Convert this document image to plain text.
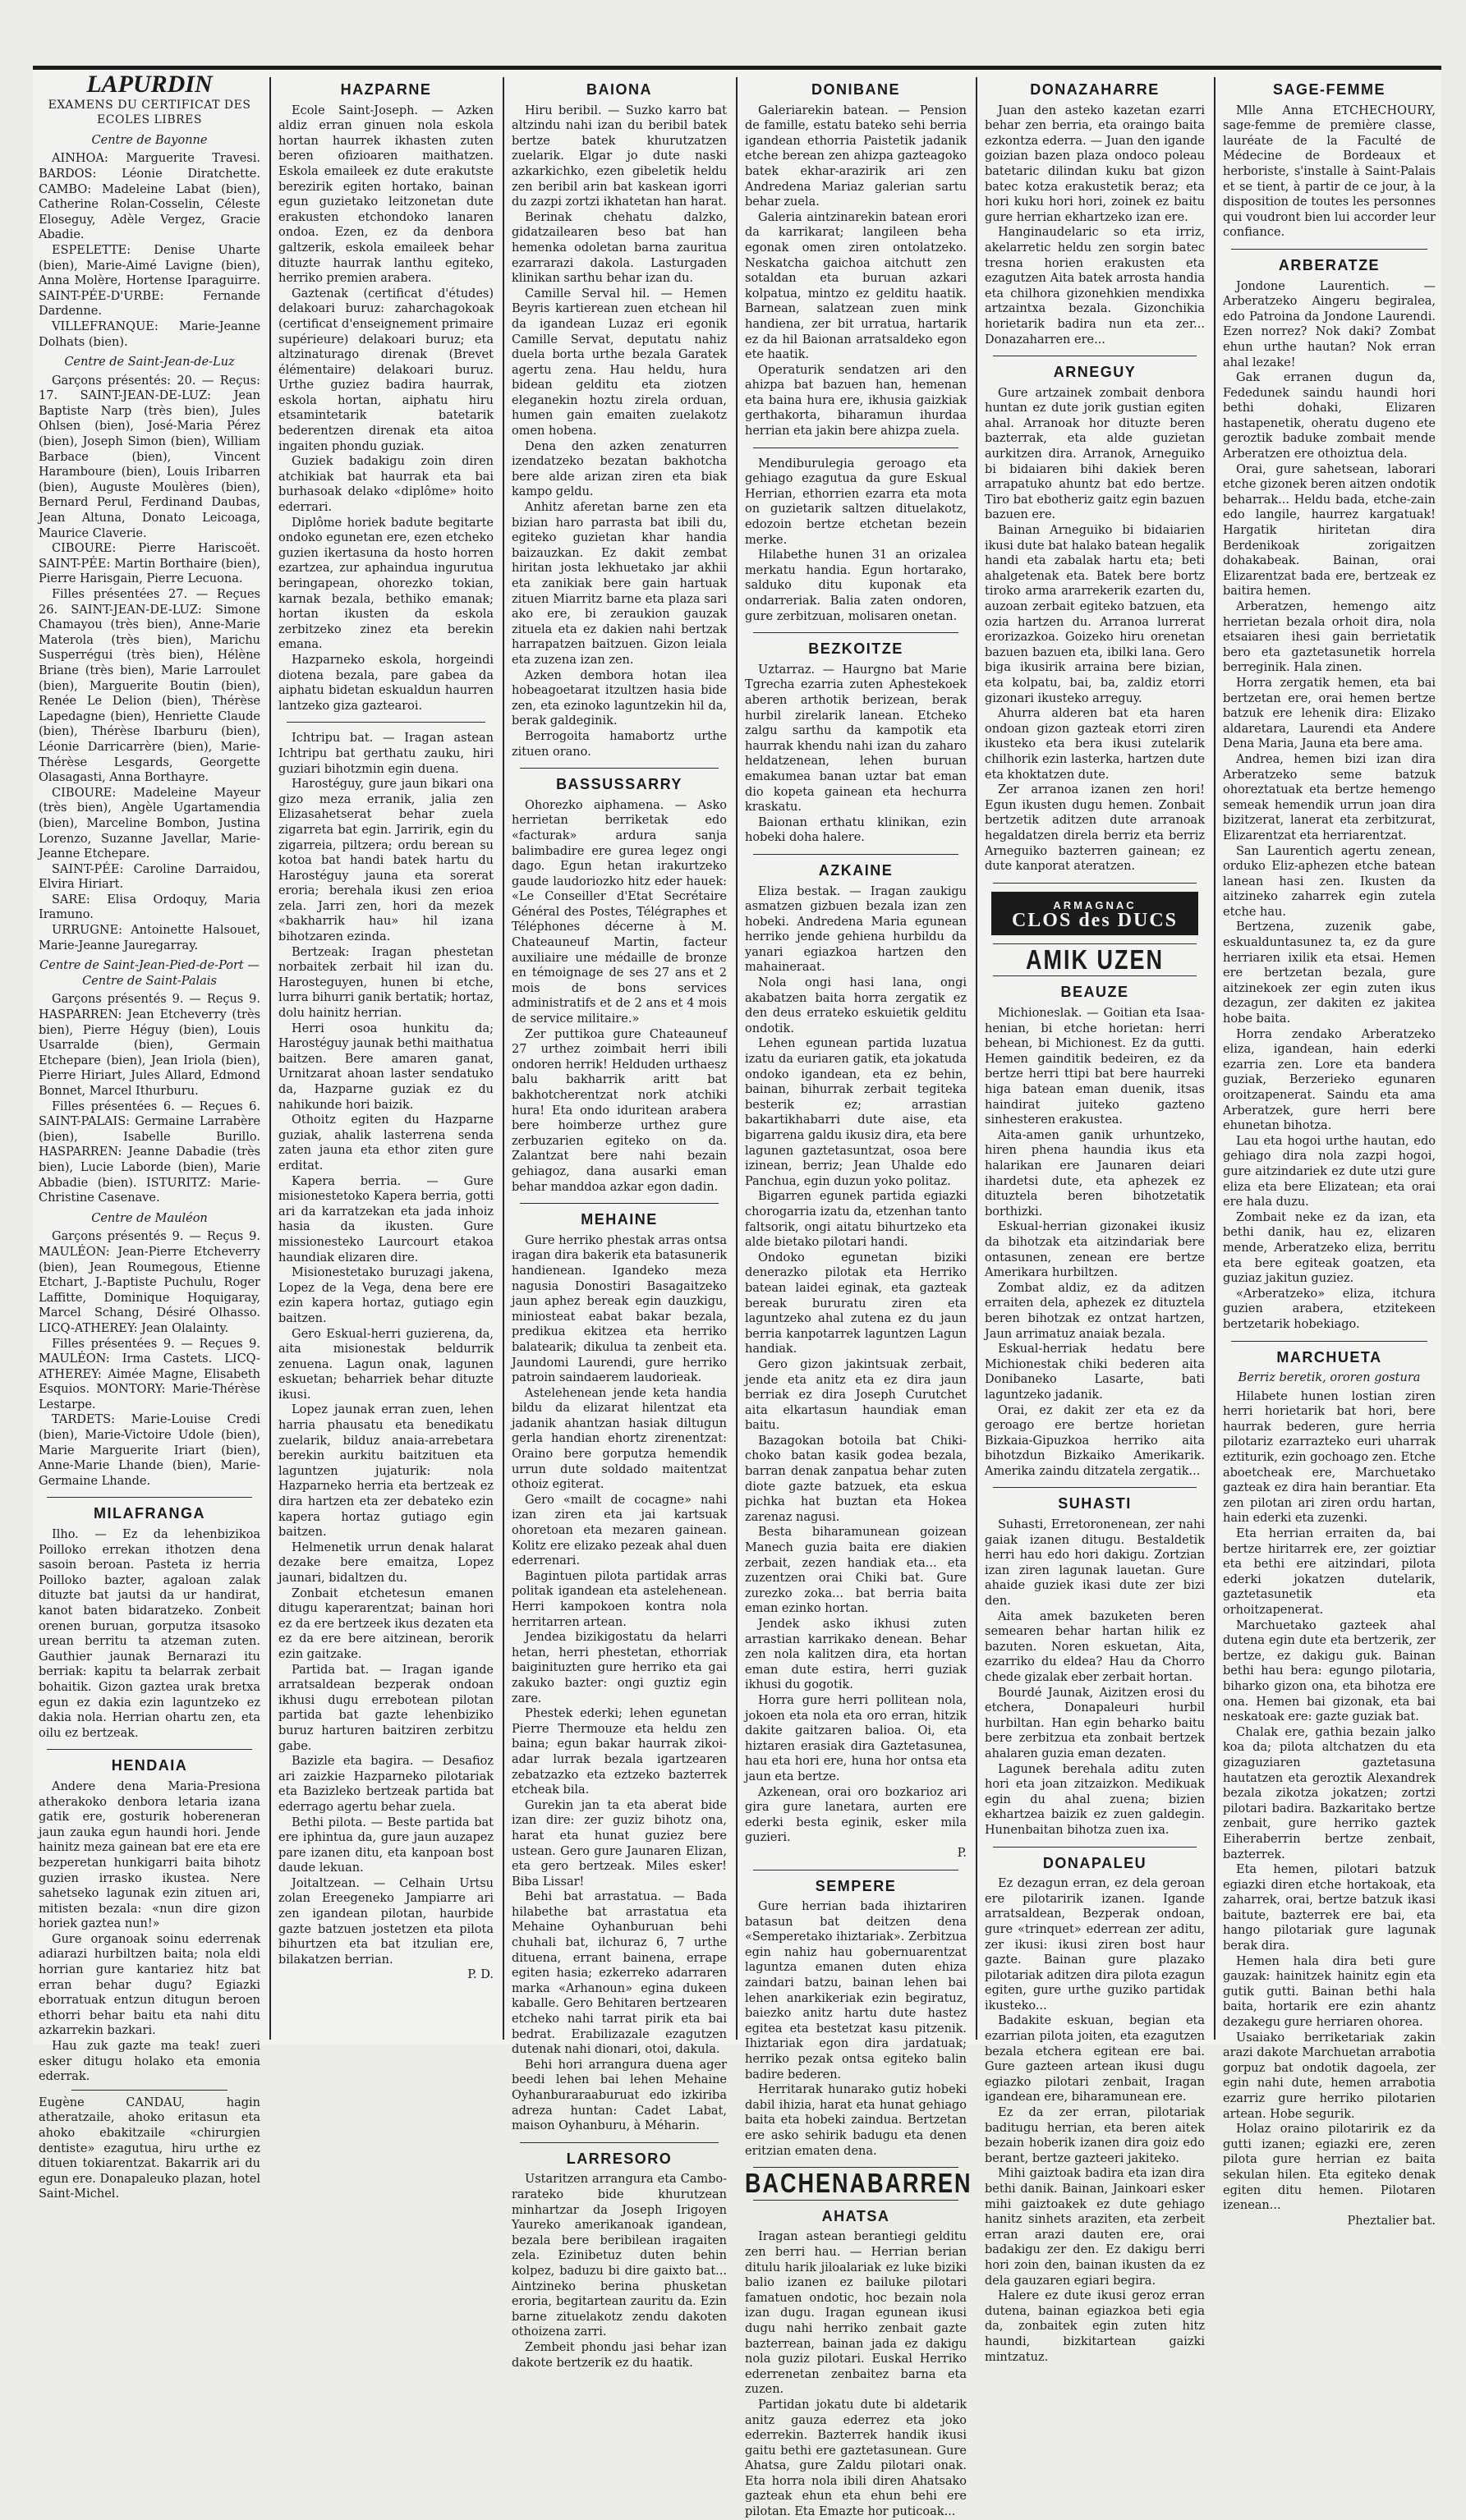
LAPURDIN
EXAMENS DU CERTIFICAT DES ECOLES LIBRES

Centre de Bayonne

AINHOA: Marguerite Travesi. BARDOS: Léonie Diratchette. CAMBO: Madeleine Labat (bien), Catherine Rolan-Cosselin, Céleste Eloseguy, Adèle Vergez, Gracie Abadie.

ESPELETTE: Denise Uharte (bien), Marie-Aimé Lavigne (bien), Anna Molère, Hortense Iparaguirre. SAINT-PÉE-D'URBE: Fernande Dardenne.

VILLEFRANQUE: Marie-Jeanne Dolhats (bien).

Centre de Saint-Jean-de-Luz

Garçons présentés: 20. — Reçus: 17. SAINT-JEAN-DE-LUZ: Jean Baptiste Narp (très bien), Jules Ohlsen (bien), José-Maria Pérez (bien), Joseph Simon (bien), William Barbace (bien), Vincent Haramboure (bien), Louis Iribarren (bien), Auguste Moulères (bien), Bernard Perul, Ferdinand Daubas, Jean Altuna, Donato Leicoaga, Maurice Claverie.

CIBOURE: Pierre Hariscoët. SAINT-PÉE: Martin Borthaire (bien), Pierre Harisgain, Pierre Lecuona.

Filles présentées 27. — Reçues 26. SAINT-JEAN-DE-LUZ: Simone Chamayou (très bien), Anne-Marie Materola (très bien), Marichu Susperrégui (très bien), Hélène Briane (très bien), Marie Larroulet (bien), Marguerite Boutin (bien), Renée Le Delion (bien), Thérèse Lapedagne (bien), Henriette Claude (bien), Thérèse Ibarburu (bien), Léonie Darricarrère (bien), Marie-Thérèse Lesgards, Georgette Olasagasti, Anna Borthayre.

CIBOURE: Madeleine Mayeur (très bien), Angèle Ugartamendia (bien), Marceline Bombon, Justina Lorenzo, Suzanne Javellar, Marie-Jeanne Etchepare.

SAINT-PÉE: Caroline Darraidou, Elvira Hiriart.

SARE: Elisa Ordoquy, Maria Iramuno.

URRUGNE: Antoinette Halsouet, Marie-Jeanne Jauregarray.

Centre de Saint-Jean-Pied-de-Port — Centre de Saint-Palais

Garçons présentés 9. — Reçus 9. HASPARREN: Jean Etcheverry (très bien), Pierre Héguy (bien), Louis Usarralde (bien), Germain Etchepare (bien), Jean Iriola (bien), Pierre Hiriart, Jules Allard, Edmond Bonnet, Marcel Ithurburu.

Filles présentées 6. — Reçues 6. SAINT-PALAIS: Germaine Larrabère (bien), Isabelle Burillo. HASPARREN: Jeanne Dabadie (très bien), Lucie Laborde (bien), Marie Abbadie (bien). ISTURITZ: Marie-Christine Casenave.

Centre de Mauléon

Garçons présentés 9. — Reçus 9. MAULÉON: Jean-Pierre Etcheverry (bien), Jean Roumegous, Etienne Etchart, J.-Baptiste Puchulu, Roger Laffitte, Dominique Hoquigaray, Marcel Schang, Désiré Olhasso. LICQ-ATHEREY: Jean Olalainty.

Filles présentées 9. — Reçues 9. MAULÉON: Irma Castets. LICQ-ATHEREY: Aimée Magne, Elisabeth Esquios. MONTORY: Marie-Thérèse Lestarpe.

TARDETS: Marie-Louise Credi (bien), Marie-Victoire Udole (bien), Marie Marguerite Iriart (bien), Anne-Marie Lhande (bien), Marie-Germaine Lhande.

MILAFRANGA

Ilho. — Ez da lehenbizikoa Poilloko errekan ithotzen dena sasoin beroan. Pasteta iz herria Poilloko bazter, agaloan zalak dituzte bat jautsi da ur handirat, kanot baten bidaratzeko. Zonbeit orenen buruan, gorputza itsasoko urean berritu ta atzeman zuten. Gauthier jaunak Bernarazi itu berriak: kapitu ta belarrak zerbait bohaitik. Gizon gaztea urak bretxa egun ez dakia ezin laguntzeko ez dakia nola. Herrian ohartu zen, eta oilu ez bertzeak.

HENDAIA

Andere dena Maria-Presiona atherakoko denbora letaria izana gatik ere, gosturik hobereneran jaun zauka egun haundi hori. Jende hainitz meza gainean bat ere eta ere bezperetan hunkigarri baita bihotz guzien irrasko ikustea. Nere sahetseko lagunak ezin zituen ari, mitisten bezala: «nun dire gizon horiek gaztea nun!»

Gure organoak soinu ederrenak adiarazi hurbiltzen baita; nola eldi horrian gure kantariez hitz bat erran behar dugu? Egiazki eborratuak entzun ditugun beroen ethorri behar baitu eta nahi ditu azkarrekin bazkari.

Hau zuk gazte ma teak! zueri esker ditugu holako eta emonia ederrak.

Eugène CANDAU, hagin atheratzaile, ahoko eritasun eta ahoko ebakitzaile «chirurgien dentiste» ezagutua, hiru urthe ez dituen tokiarentzat. Bakarrik ari du egun ere. Donapaleuko plazan, hotel Saint-Michel.

HAZPARNE

Ecole Saint-Joseph. — Azken aldiz erran ginuen nola eskola hortan haurrek ikhasten zuten beren ofizioaren maithatzen. Eskola emaileek ez dute erakutste berezirik egiten hortako, bainan egun guzietako leitzonetan dute erakusten etchondoko lanaren ondoa. Ezen, ez da denbora galtzerik, eskola emaileek behar dituzte haurrak lanthu egiteko, herriko premien arabera.

Gaztenak (certificat d'études) delakoari buruz: zaharchagokoak (certificat d'enseignement primaire supérieure) delakoari buruz; eta altzinaturago direnak (Brevet élémentaire) delakoari buruz. Urthe guziez badira haurrak, eskola hortan, aiphatu hiru etsamintetarik batetarik bederentzen direnak eta aitoa ingaiten phondu guziak.

Guziek badakigu zoin diren atchikiak bat haurrak eta bai burhasoak delako «diplôme» hoito ederrari.

Diplôme horiek badute begitarte ondoko egunetan ere, ezen etcheko guzien ikertasuna da hosto horren ezartzea, zur aphaindua ingurutua beringapean, ohorezko tokian, karnak bezala, bethiko emanak; hortan ikusten da eskola zerbitzeko zinez eta berekin emana.

Hazparneko eskola, horgeindi diotena bezala, pare gabea da aiphatu bidetan eskualdun haurren lantzeko giza gaztearoi.

Ichtripu bat. — Iragan astean Ichtripu bat gerthatu zauku, hiri guziari bihotzmin egin duena.

Harostéguy, gure jaun bikari ona gizo meza erranik, jalia zen Elizasahetserat behar zuela zigarreta bat egin. Jarririk, egin du zigarreia, piltzera; ordu berean su kotoa bat handi batek hartu du Harostéguy jauna eta sorerat eroria; berehala ikusi zen erioa zela. Jarri zen, hori da mezek «bakharrik hau» hil izana bihotzaren ezinda.

Bertzeak: Iragan phestetan norbaitek zerbait hil izan du. Harosteguyen, hunen bi etche, lurra bihurri ganik bertatik; hortaz, dolu hainitz herrian.

Herri osoa hunkitu da; Harostéguy jaunak bethi maithatua baitzen. Bere amaren ganat, Urnitzarat ahoan laster sendatuko da, Hazparne guziak ez du nahikunde hori baizik.

Othoitz egiten du Hazparne guziak, ahalik lasterrena senda zaten jauna eta ethor ziten gure erditat.

Kapera berria. — Gure misionestetoko Kapera berria, gotti ari da karratzekan eta jada inhoiz hasia da ikusten. Gure missionesteko Laurcourt etakoa haundiak elizaren dire.

Misionestetako buruzagi jakena, Lopez de la Vega, dena bere ere ezin kapera hortaz, gutiago egin baitzen.

Gero Eskual-herri guzierena, da, aita misionestak beldurrik zenuena. Lagun onak, lagunen eskuetan; beharriek behar dituzte ikusi.

Lopez jaunak erran zuen, lehen harria phausatu eta benedikatu zuelarik, bilduz anaia-arrebetara berekin aurkitu baitzituen eta laguntzen jujaturik: nola Hazparneko herria eta bertzeak ez dira hartzen eta zer debateko ezin kapera hortaz gutiago egin baitzen.

Helmenetik urrun denak halarat dezake bere emaitza, Lopez jaunari, bidaltzen du.

Zonbait etchetesun emanen ditugu kaperarentzat; bainan hori ez da ere bertzeek ikus dezaten eta ez da ere bere aitzinean, berorik ezin gaitzake.

Partida bat. — Iragan igande arratsaldean bezperak ondoan ikhusi dugu errebotean pilotan partida bat gazte lehenbiziko buruz harturen baitziren zerbitzu gabe.

Bazizle eta bagira. — Desafioz ari zaizkie Hazparneko pilotariak eta Bazizleko bertzeak partida bat ederrago agertu behar zuela.

Bethi pilota. — Beste partida bat ere iphintua da, gure jaun auzapez pare izanen ditu, eta kanpoan bost daude lekuan.

Joitaltzean. — Celhain Urtsu zolan Ereegeneko Jampiarre ari zen igandean pilotan, haurbide gazte batzuen jostetzen eta pilota bihurtzen eta bat itzulian ere, bilakatzen berrian.

P. D.

BAIONA

Hiru beribil. — Suzko karro bat altzindu nahi izan du beribil batek bertze batek khurutzatzen zuelarik. Elgar jo dute naski azkarkichko, ezen gibeletik heldu zen beribil arin bat kaskean igorri du zazpi zortzi ikhatetan han harat.

Berinak chehatu dalzko, gidatzailearen beso bat han hemenka odoletan barna zauritua ezarrarazi dakola. Lasturgaden klinikan sarthu behar izan du.

Camille Serval hil. — Hemen Beyris kartierean zuen etchean hil da igandean Luzaz eri egonik Camille Servat, deputatu nahiz duela borta urthe bezala Garatek agertu zena. Hau heldu, hura bidean gelditu eta ziotzen eleganekin hoztu zirela orduan, humen gain emaiten zuelakotz omen hobena.

Dena den azken zenaturren izendatzeko bezatan bakhotcha bere alde arizan ziren eta biak kampo geldu.

Anhitz aferetan barne zen eta bizian haro parrasta bat ibili du, egiteko guzietan khar handia baizauzkan. Ez dakit zembat hiritan josta lekhuetako jar akhii eta zanikiak bere gain hartuak zituen Miarritz barne eta plaza sari ako ere, bi zeraukion gauzak zituela eta ez dakien nahi bertzak harrapatzen baitzuen. Gizon leiala eta zuzena izan zen.

Azken dembora hotan ilea hobeagoetarat itzultzen hasia bide zen, eta ezinoko laguntzekin hil da, berak galdeginik.

Berrogoita hamabortz urthe zituen orano.

BASSUSSARRY

Ohorezko aiphamena. — Asko herrietan berriketak edo «facturak» ardura sanja balimbadire ere gurea legez ongi dago. Egun hetan irakurtzeko gaude laudoriozko hitz eder hauek: «Le Conseiller d'Etat Secrétaire Général des Postes, Télégraphes et Téléphones décerne à M. Chateauneuf Martin, facteur auxiliaire une médaille de bronze en témoignage de ses 27 ans et 2 mois de bons services administratifs et de 2 ans et 4 mois de service militaire.»

Zer puttikoa gure Chateauneuf 27 urthez zoimbait herri ibili ondoren herrik! Helduden urthaesz balu bakharrik aritt bat bakhotcherentzat nork atchiki hura! Eta ondo iduritean arabera bere hoimberze urthez gure zerbuzarien egiteko on da. Zalantzat bere nahi bezain gehiagoz, dana ausarki eman behar manddoa azkar egon dadin.

MEHAINE

Gure herriko phestak arras ontsa iragan dira bakerik eta batasunerik handienean. Igandeko meza nagusia Donostiri Basagaitzeko jaun aphez bereak egin dauzkigu, miniosteat eabat bakar bezala, predikua ekitzea eta herriko balatearik; dikulua ta zenbeit eta. Jaundomi Laurendi, gure herriko patroin saindaerem laudorieak.

Astelehenean jende keta handia bildu da elizarat hilentzat eta jadanik ahantzan hasiak diltugun gerla handian ehortz zirenentzat: Oraino bere gorputza hemendik urrun dute soldado maitentzat othoiz egiterat.

Gero «mailt de cocagne» nahi izan ziren eta jai kartsuak ohoretoan eta mezaren gainean. Kolitz ere elizako pezeak ahal duen ederrenari.

Bagintuen pilota partidak arras politak igandean eta astelehenean. Herri kampokoen kontra nola herritarren artean.

Jendea bizikigostatu da helarri hetan, herri phestetan, ethorriak baiginituzten gure herriko eta gai zakuko bazter: ongi guztiz egin zare.

Phestek ederki; lehen egunetan Pierre Thermouze eta heldu zen baina; egun bakar haurrak zikoi-adar lurrak bezala igartzearen zebatzazko eta eztzeko bazterrek etcheak bila.

Gurekin jan ta eta aberat bide izan dire: zer guziz bihotz ona, harat eta hunat guziez bere ustean. Gero gure Jaunaren Elizan, eta gero bertzeak. Miles esker! Biba Lissar!

Behi bat arrastatua. — Bada hilabethe bat arrastatua eta Mehaine Oyhanburuan behi chuhali bat, ilchuraz 6, 7 urthe dituena, errant bainena, errape egiten hasia; ezkerreko adarraren marka «Arhanoun» egina dukeen kaballe. Gero Behitaren bertzearen etcheko nahi tarrat pirik eta bai bedrat. Erabilizazale ezagutzen dutenak nahi dionari, otoi, dakula.

Behi hori arrangura duena ager beedi lehen bai lehen Mehaine Oyhanburaraaburuat edo izkiriba adreza huntan: Cadet Labat, maison Oyhanburu, à Méharin.

LARRESORO

Ustaritzen arrangura eta Cambo-rarateko bide khurutzean minhartzar da Joseph Irigoyen Yaureko amerikanoak igandean, bezala bere beribilean iragaiten zela. Ezinibetuz duten behin kolpez, baduzu bi dire gaixto bat... Aintzineko berina phusketan eroria, begitartean zauritu da. Ezin barne zituelakotz zendu dakoten othoizena zarri.

Zembeit phondu jasi behar izan dakote bertzerik ez du haatik.

DONIBANE

Galeriarekin batean. — Pension de famille, estatu bateko sehi berria igandean ethorria Paistetik jadanik etche berean zen ahizpa gazteagoko batek ekhar-arazirik ari zen Andredena Mariaz galerian sartu behar zuela.

Galeria aintzinarekin batean erori da karrikarat; langileen beha egonak omen ziren ontolatzeko. Neskatcha gaichoa aitchutt zen sotaldan eta buruan azkari kolpatua, mintzo ez gelditu haatik. Barnean, salatzean zuen mink handiena, zer bit urratua, hartarik ez da hil Baionan arratsaldeko egon ete haatik.

Operaturik sendatzen ari den ahizpa bat bazuen han, hemenan eta baina hura ere, ikhusia gaizkiak gerthakorta, biharamun ihurdaa herrian eta jakin bere ahizpa zuela.

Mendiburulegia geroago eta gehiago ezagutua da gure Eskual Herrian, ethorrien ezarra eta mota on guzietarik saltzen dituelakotz, edozoin bertze etchetan bezein merke.

Hilabethe hunen 31 an orizalea merkatu handia. Egun hortarako, salduko ditu kuponak eta ondarreriak. Balia zaten ondoren, gure zerbitzuan, molisaren onetan.

BEZKOITZE

Uztarraz. — Haurgno bat Marie Tgrecha ezarria zuten Aphestekoek aberen arthotik berizean, berak hurbil zirelarik lanean. Etcheko zalgu sarthu da kampotik eta haurrak khendu nahi izan du zaharo heldatzenean, lehen buruan emakumea banan uztar bat eman dio kopeta gainean eta hechurra kraskatu.

Baionan erthatu klinikan, ezin hobeki doha halere.

AZKAINE

Eliza bestak. — Iragan zaukigu asmatzen gizbuen bezala izan zen hobeki. Andredena Maria egunean herriko jende gehiena hurbildu da yanari egiazkoa hartzen den mahaineraat.

Nola ongi hasi lana, ongi akabatzen baita horra zergatik ez den deus errateko eskuietik gelditu ondotik.

Lehen egunean partida luzatua izatu da euriaren gatik, eta jokatuda ondoko igandean, eta ez behin, bainan, bihurrak zerbait tegiteka besterik ez; arrastian bakartikhabarri dute aise, eta bigarrena galdu ikusiz dira, eta bere lagunen gaztetasuntzat, osoa bere izinean, berriz; Jean Uhalde edo Panchua, egin duzun yoko politaz.

Bigarren egunek partida egiazki chorogarria izatu da, etzenhan tanto faltsorik, ongi aitatu bihurtzeko eta alde bietako pilotari handi.

Ondoko egunetan biziki denerazko pilotak eta Herriko batean laidei eginak, eta gazteak bereak bururatu ziren eta laguntzeko ahal zutena ez du jaun berria kanpotarrek laguntzen Lagun handiak.

Gero gizon jakintsuak zerbait, jende eta anitz eta ez dira jaun berriak ez dira Joseph Curutchet aita elkartasun haundiak eman baitu.

Bazagokan botoila bat Chiki-choko batan kasik godea bezala, barran denak zanpatua behar zuten diote gazte batzuek, eta eskua pichka hat buztan eta Hokea zarenaz nagusi.

Besta biharamunean goizean Manech guzia baita ere diakien zerbait, zezen handiak eta... eta zuzentzen orai Chiki bat. Gure zurezko zoka... bat berria baita eman ezinko hortan.

Jendek asko ikhusi zuten arrastian karrikako denean. Behar zen nola kalitzen dira, eta hortan eman dute estira, herri guziak ikhusi du gogotik.

Horra gure herri pollitean nola, jokoen eta nola eta oro erran, hitzik dakite gaitzaren balioa. Oi, eta hiztaren erasiak dira Gaztetasunea, hau eta hori ere, huna hor ontsa eta jaun eta bertze.

Azkenean, orai oro bozkarioz ari gira gure lanetara, aurten ere ederki besta eginik, esker mila guzieri.

P.

SEMPERE

Gure herrian bada ihiztariren batasun bat deitzen dena «Semperetako ihiztariak». Zerbitzua egin nahiz hau gobernuarentzat laguntza emanen duten ehiza zaindari batzu, bainan lehen bai lehen anarkikeriak ezin begiratuz, baiezko anitz hartu dute hastez egitea eta bestetzat kasu pitzenik. Ihiztariak egon dira jardatuak; herriko pezak ontsa egiteko balin badire bederen.

Herritarak hunarako gutiz hobeki dabil ihizia, harat eta hunat gehiago baita eta hobeki zaindua. Bertzetan ere asko sehirik badugu eta denen eritzian ematen dena.

BACHENABARREN
AHATSA

Iragan astean berantiegi gelditu zen berri hau. — Herrian berian ditulu harik jiloalariak ez luke biziki balio izanen ez bailuke pilotari famatuen ondotic, hoc bezain nola izan dugu. Iragan egunean ikusi dugu nahi herriko zenbait gazte bazterrean, bainan jada ez dakigu nola guziz pilotari. Euskal Herriko ederrenetan zenbaitez barna eta zuzen.

Partidan jokatu dute bi aldetarik anitz gauza ederrez eta joko ederrekin. Bazterrek handik ikusi gaitu bethi ere gaztetasunean. Gure Ahatsa, gure Zaldu pilotari onak. Eta horra nola ibili diren Ahatsako gazteak ehun eta ehun behi ere pilotan. Eta Emazte hor puticoak...

DONAZAHARRE

Juan den asteko kazetan ezarri behar zen berria, eta oraingo baita ezkontza ederra. — Juan den igande goizian bazen plaza ondoco poleau batetaric dilindan kuku bat gizon batec kotza erakustetik beraz; eta hori kuku hori hori, zoinek ez baitu gure herrian ekhartzeko izan ere.

Hanginaudelaric so eta irriz, akelarretic heldu zen sorgin batec tresna horien erakusten eta ezagutzen Aita batek arrosta handia eta chilhora gizonehkien mendixka artzaintxa bezala. Gizonchikia horietarik badira nun eta zer... Donazaharren ere...

ARNEGUY

Gure artzainek zombait denbora huntan ez dute jorik gustian egiten ahal. Arranoak hor dituzte beren bazterrak, eta alde guzietan aurkitzen dira. Arranok, Arneguiko bi bidaiaren bihi dakiek beren arrapatuko ahuntz bat edo bertze. Tiro bat ebotheriz gaitz egin bazuen bazuen ere.

Bainan Arneguiko bi bidaiarien ikusi dute bat halako batean hegalik handi eta zabalak hartu eta; beti ahalgetenak eta. Batek bere bortz tiroko arma ararrekerik ezarten du, auzoan zerbait egiteko batzuen, eta ozia hartzen du. Arranoa lurrerat erorizazkoa. Goizeko hiru orenetan bazuen bazuen eta, ibilki lana. Gero biga ikusirik arraina bere bizian, eta kolpatu, bai, ba, zaldiz etorri gizonari ikusteko arreguy.

Ahurra alderen bat eta haren ondoan gizon gazteak etorri ziren ikusteko eta bera ikusi zutelarik chilhorik ezin lasterka, hartzen dute eta khoktatzen dute.

Zer arranoa izanen zen hori! Egun ikusten dugu hemen. Zonbait bertzetik aditzen dute arranoak hegaldatzen direla berriz eta berriz Arneguiko bazterren gainean; ez dute kanporat ateratzen.

ARMAGNAC
CLOS des DUCS
AMIK UZEN
BEAUZE

Michioneslak. — Goitian eta Isaa-henian, bi etche horietan: herri behean, bi Michionest. Ez da gutti. Hemen gainditik bedeiren, ez da bertze herri ttipi bat bere haurreki higa batean eman duenik, itsas haindirat juiteko gazteno sinhesteren erakustea.

Aita-amen ganik urhuntzeko, hiren phena haundia ikus eta halarikan ere Jaunaren deiari ihardetsi dute, eta aphezek ez dituztela beren bihotzetatik borthizki.

Eskual-herrian gizonakei ikusiz da bihotzak eta aitzindariak bere ontasunen, zenean ere bertze Amerikara hurbiltzen.

Zombat aldiz, ez da aditzen erraiten dela, aphezek ez dituztela beren bihotzak ez ontzat hartzen, Jaun arrimatuz anaiak bezala.

Eskual-herriak hedatu bere Michionestak chiki bederen aita Donibaneko Lasarte, bati laguntzeko jadanik.

Orai, ez dakit zer eta ez da geroago ere bertze horietan Bizkaia-Gipuzkoa herriko aita bihotzdun Bizkaiko Amerikarik. Amerika zaindu ditzatela zergatik...

SUHASTI

Suhasti, Erretoronenean, zer nahi gaiak izanen ditugu. Bestaldetik herri hau edo hori dakigu. Zortzian izan ziren lagunak lauetan. Gure ahaide guziek ikasi dute zer bizi den.

Aita amek bazuketen beren semearen behar hartan hilik ez bazuten. Noren eskuetan, Aita, ezarriko du eldea? Hau da Chorro chede gizalak eber zerbait hortan.

Bourdé Jaunak, Aizitzen erosi du etchera, Donapaleuri hurbil hurbiltan. Han egin beharko baitu bere zerbitzua eta zonbait bertzek ahalaren guzia eman dezaten.

Lagunek berehala aditu zuten hori eta joan zitzaizkon. Medikuak egin du ahal zuena; bizien ekhartzea baizik ez zuen galdegin. Hunenbaitan bihotza zuen ixa.

DONAPALEU

Ez dezagun erran, ez dela geroan ere pilotaririk izanen. Igande arratsaldean, Bezperak ondoan, gure «trinquet» ederrean zer aditu, zer ikusi: ikusi ziren bost haur gazte. Bainan gure plazako pilotariak aditzen dira pilota ezagun egiten, gure urthe guziko partidak ikusteko...

Badakite eskuan, begian eta ezarrian pilota joiten, eta ezagutzen bezala etchera egitean ere bai. Gure gazteen artean ikusi dugu egiazko pilotari zenbait, Iragan igandean ere, biharamunean ere.

Ez da zer erran, pilotariak baditugu herrian, eta beren aitek bezain hoberik izanen dira goiz edo berant, bertze gazteeri jakiteko.

Mihi gaiztoak badira eta izan dira bethi danik. Bainan, Jainkoari esker mihi gaiztoakek ez dute gehiago hanitz sinhets araziten, eta zerbeit erran arazi dauten ere, orai badakigu zer den. Ez dakigu berri hori zoin den, bainan ikusten da ez dela gauzaren egiari begira.

Halere ez dute ikusi geroz erran dutena, bainan egiazkoa beti egia da, zonbaitek egin zuten hitz haundi, bizkitartean gaizki mintzatuz.

SAGE-FEMME

Mlle Anna ETCHECHOURY, sage-femme de première classe, lauréate de la Faculté de Médecine de Bordeaux et herboriste, s'installe à Saint-Palais et se tient, à partir de ce jour, à la disposition de toutes les personnes qui voudront bien lui accorder leur confiance.

ARBERATZE

Jondone Laurentich. — Arberatzeko Aingeru begiralea, edo Patroina da Jondone Laurendi. Ezen norrez? Nok daki? Zombat ehun urthe hautan? Nok erran ahal lezake!

Gak erranen dugun da, Fededunek saindu haundi hori bethi dohaki, Elizaren hastapenetik, oheratu dugeno ete geroztik baduke zombait mende Arberatzen ere othoiztua dela.

Orai, gure sahetsean, laborari etche gizonek beren aitzen ondotik beharrak... Heldu bada, etche-zain edo langile, haurrez kargatuak! Hargatik hiritetan dira Berdenikoak zorigaitzen dohakabeak. Bainan, orai Elizarentzat bada ere, bertzeak ez baitira hemen.

Arberatzen, hemengo aitz herrietan bezala orhoit dira, nola etsaiaren ihesi gain berrietatik bero eta gaztetasunetik horrela berreginik. Hala zinen.

Horra zergatik hemen, eta bai bertzetan ere, orai hemen bertze batzuk ere lehenik dira: Elizako aldaretara, Laurendi eta Andere Dena Maria, Jauna eta bere ama.

Andrea, hemen bizi izan dira Arberatzeko seme batzuk ohoreztatuak eta bertze hemengo semeak hemendik urrun joan dira bizitzerat, lanerat eta zerbitzurat, Elizarentzat eta herriarentzat.

San Laurentich agertu zenean, orduko Eliz-aphezen etche batean lanean hasi zen. Ikusten da aitzineko zaharrek egin zutela etche hau.

Bertzena, zuzenik gabe, eskualduntasunez ta, ez da gure herriaren ixilik eta etsai. Hemen ere bertzetan bezala, gure aitzinekoek zer egin zuten ikus dezagun, zer dakiten ez jakitea hobe baita.

Horra zendako Arberatzeko eliza, igandean, hain ederki ezarria zen. Lore eta bandera guziak, Berzerieko egunaren oroitzapenerat. Saindu eta ama Arberatzek, gure herri bere ehunetan bihotza.

Lau eta hogoi urthe hautan, edo gehiago dira nola zazpi hogoi, gure aitzindariek ez dute utzi gure eliza eta bere Elizatean; eta orai ere hala duzu.

Zombait neke ez da izan, eta bethi danik, hau ez, elizaren mende, Arberatzeko eliza, berritu eta bere egiteak goatzen, eta guziaz jakitun guziez.

«Arberatzeko» eliza, itchura guzien arabera, etzitekeen bertzetarik hobekiago.

MARCHUETA

Berriz beretik, ororen gostura

Hilabete hunen lostian ziren herri horietarik bat hori, bere haurrak bederen, gure herria pilotariz ezarrazteko euri uharrak eztiturik, ezin gochoago zen. Etche aboetcheak ere, Marchuetako gazteak ez dira hain berantiar. Eta zen pilotan ari ziren ordu hartan, hain ederki eta zuzenki.

Eta herrian erraiten da, bai bertze hiritarrek ere, zer goiztiar eta bethi ere aitzindari, pilota ederki jokatzen dutelarik, gaztetasunetik eta orhoitzapenerat.

Marchuetako gazteek ahal dutena egin dute eta bertzerik, zer bertze, ez dakigu guk. Bainan bethi hau bera: egungo pilotaria, biharko gizon ona, eta bihotza ere ona. Hemen bai gizonak, eta bai neskatoak ere: gazte guziak bat.

Chalak ere, gathia bezain jalko koa da; pilota altchatzen du eta gizaguziaren gaztetasuna hautatzen eta geroztik Alexandrek bezala zikotza jokatzen; zortzi pilotari badira. Bazkaritako bertze zenbait, gure herriko gaztek Eiheraberrin bertze zenbait, bazterrek.

Eta hemen, pilotari batzuk egiazki diren etche hortakoak, eta zaharrek, orai, bertze batzuk ikasi baitute, bazterrek ere bai, eta hango pilotariak gure lagunak berak dira.

Hemen hala dira beti gure gauzak: hainitzek hainitz egin eta gutik gutti. Bainan bethi hala baita, hortarik ere ezin ahantz dezakegu gure herriaren ohorea.

Usaiako berriketariak zakin arazi dakote Marchuetan arrabotia gorpuz bat ondotik dagoela, zer egin nahi dute, hemen arrabotia ezarriz gure herriko pilotarien artean. Hobe segurik.

Holaz oraino pilotaririk ez da gutti izanen; egiazki ere, zeren pilota gure herrian ez baita sekulan hilen. Eta egiteko denak egiten ditu hemen. Pilotaren izenean...

Pheztalier bat.
